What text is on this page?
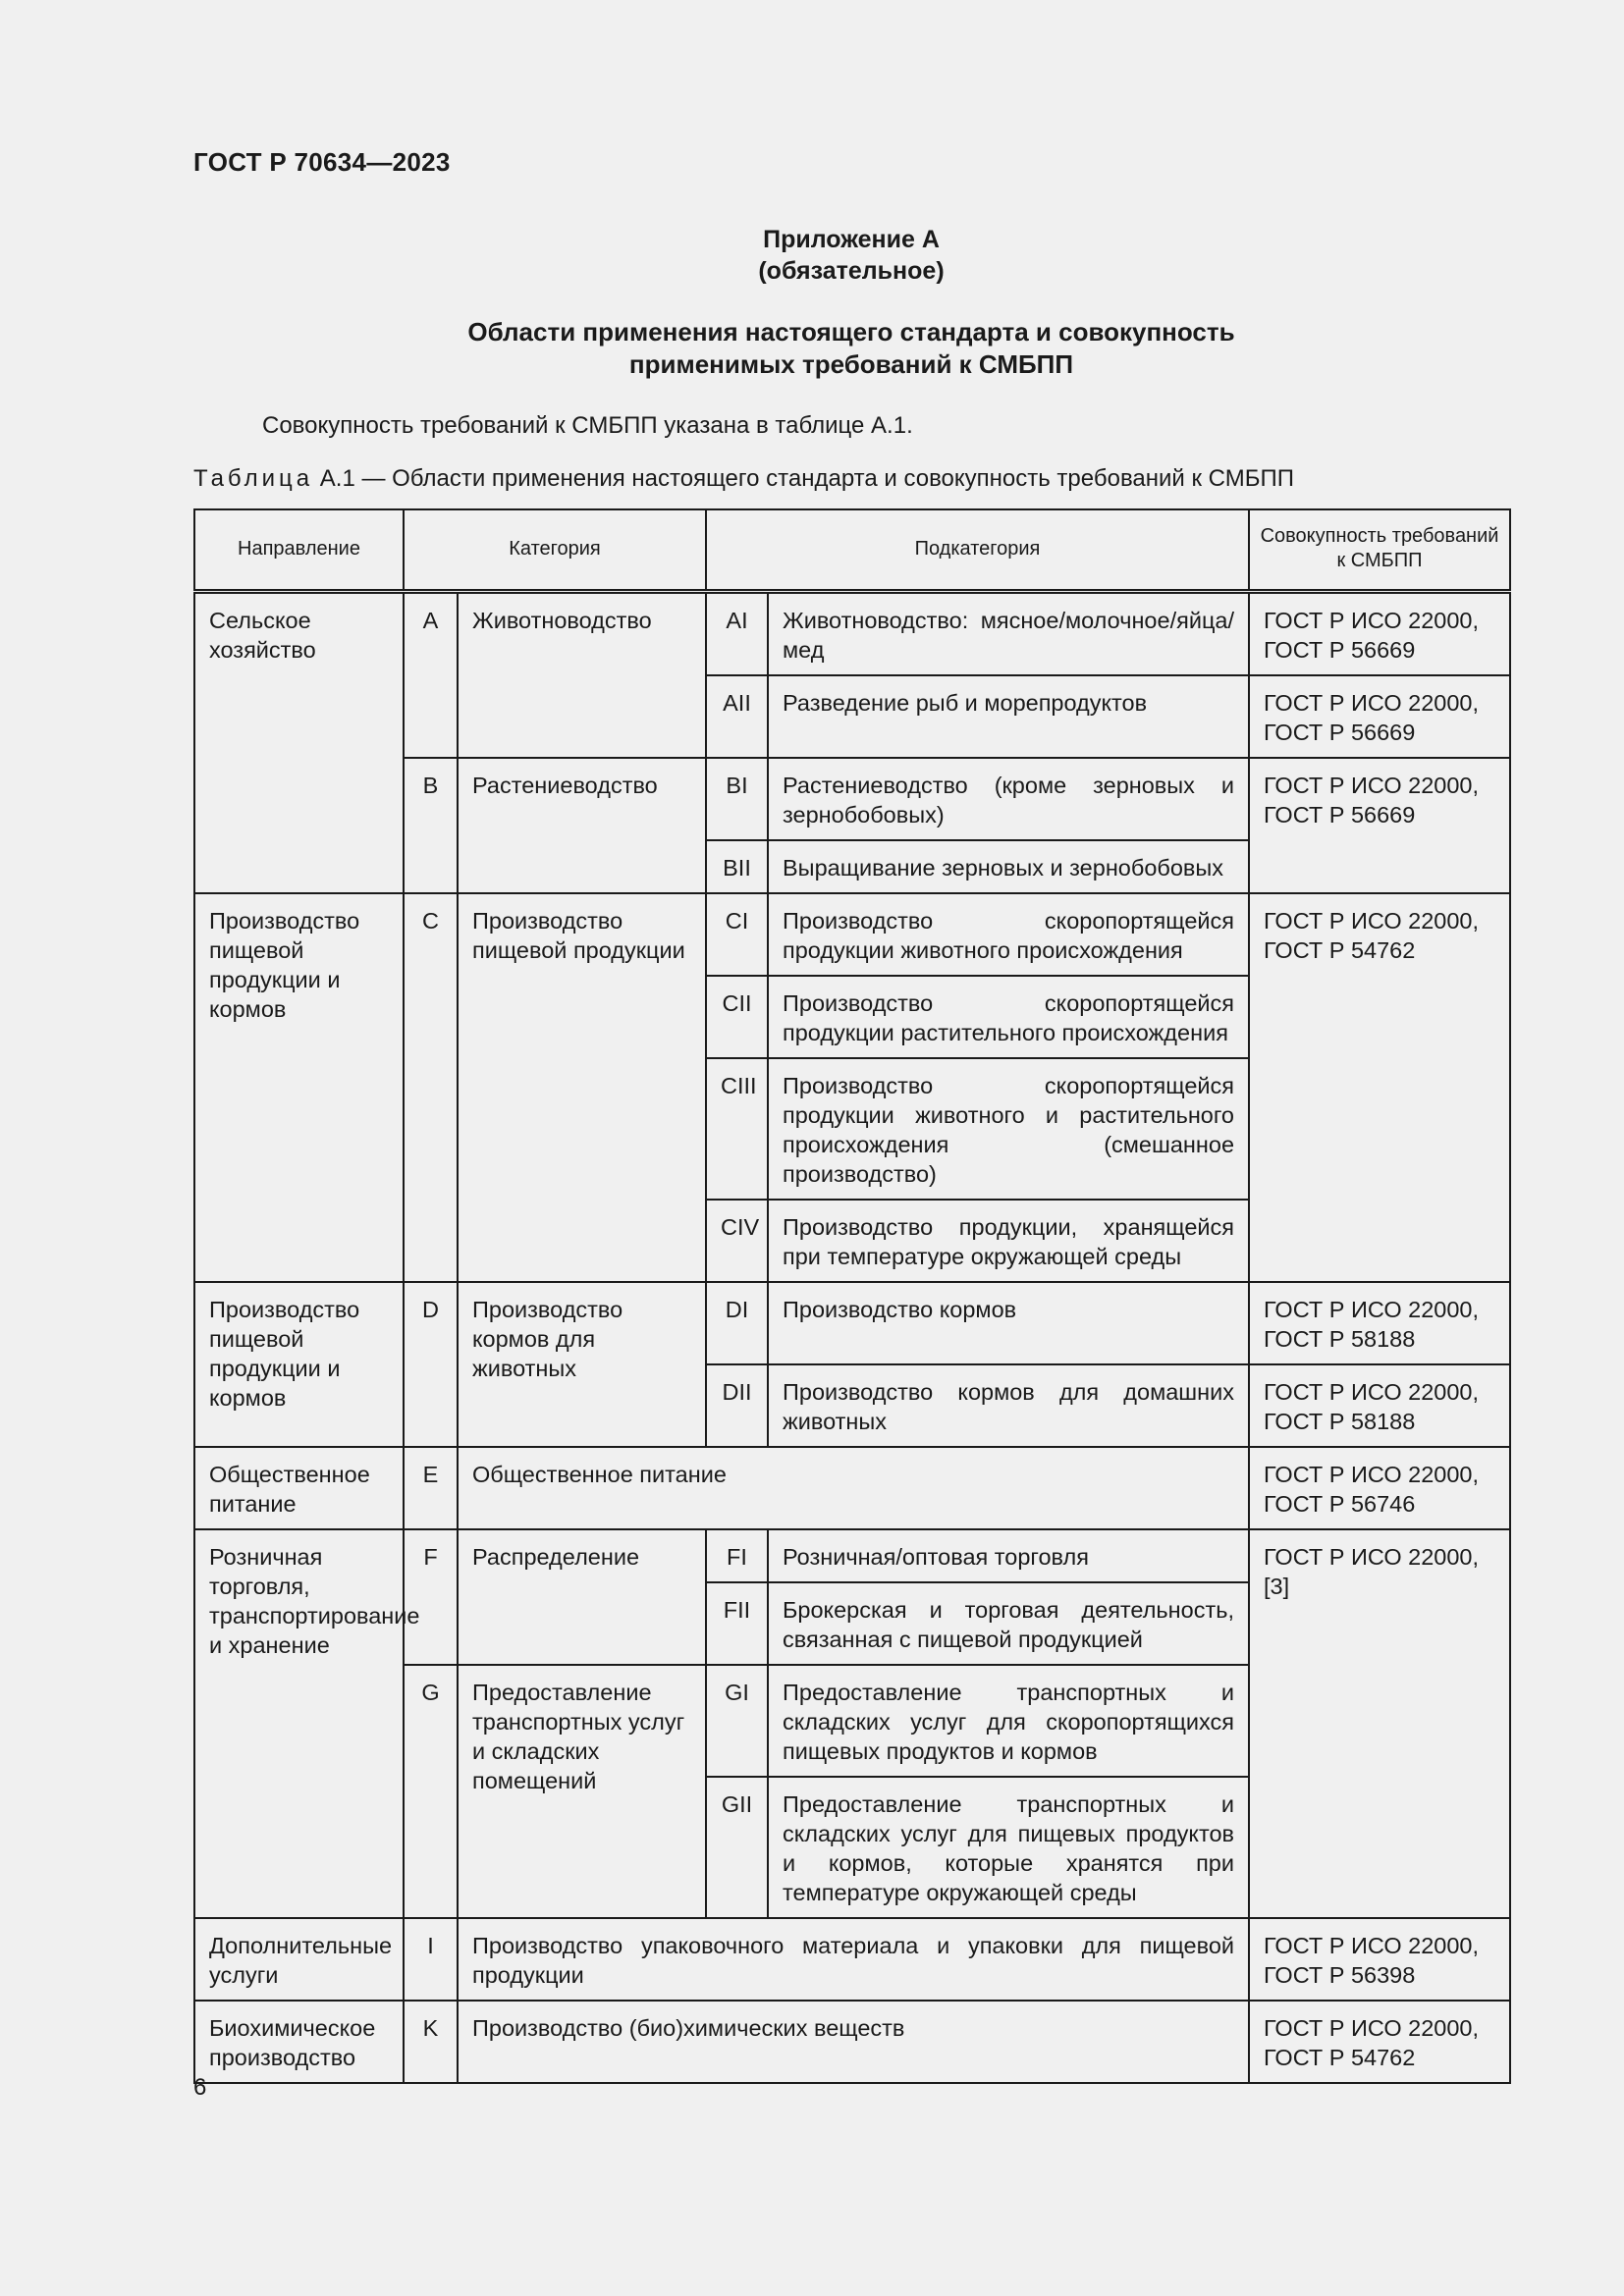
ГОСТ Р 70634—2023
Приложение А
(обязательное)
Области применения настоящего стандарта и совокупность
применимых требований к СМБПП
Совокупность требований к СМБПП указана в таблице А.1.
Таблица А.1 — Области применения настоящего стандарта и совокупность требований к СМБПП
Направление	Категория		Подкатегория		Совокупность требований к СМБПП
Сельское хозяйство	A	Животноводство	AI	Животноводство: мясное/молочное/яйца/мед	ГОСТ Р ИСО 22000, ГОСТ Р 56669
			AII	Разведение рыб и морепродуктов	ГОСТ Р ИСО 22000, ГОСТ Р 56669
	B	Растениеводство	BI	Растениеводство (кроме зерновых и зернобобовых)	ГОСТ Р ИСО 22000, ГОСТ Р 56669
			BII	Выращивание зерновых и зернобобовых	
Производство пищевой продукции и кормов	C	Производство пищевой продукции	CI	Производство скоропортящейся продукции животного происхождения	ГОСТ Р ИСО 22000, ГОСТ Р 54762
			CII	Производство скоропортящейся продукции растительного происхождения	
			CIII	Производство скоропортящейся продукции животного и растительного происхождения (смешанное производство)	
			CIV	Производство продукции, хранящейся при температуре окружающей среды	
Производство пищевой продукции и кормов	D	Производство кормов для животных	DI	Производство кормов	ГОСТ Р ИСО 22000, ГОСТ Р 58188
			DII	Производство кормов для домашних животных	ГОСТ Р ИСО 22000, ГОСТ Р 58188
Общественное питание	E	Общественное питание			ГОСТ Р ИСО 22000, ГОСТ Р 56746
Розничная торговля, транспортирование и хранение	F	Распределение	FI	Розничная/оптовая торговля	ГОСТ Р ИСО 22000, [3]
			FII	Брокерская и торговая деятельность, связанная с пищевой продукцией	
	G	Предоставление транспортных услуг и складских помещений	GI	Предоставление транспортных и складских услуг для скоропортящихся пищевых продуктов и кормов	
			GII	Предоставление транспортных и складских услуг для пищевых продуктов и кормов, которые хранятся при температуре окружающей среды	
Дополнительные услуги	I	Производство упаковочного материала и упаковки для пищевой продукции			ГОСТ Р ИСО 22000, ГОСТ Р 56398
Биохимическое производство	K	Производство (био)химических веществ			ГОСТ Р ИСО 22000, ГОСТ Р 54762
6
